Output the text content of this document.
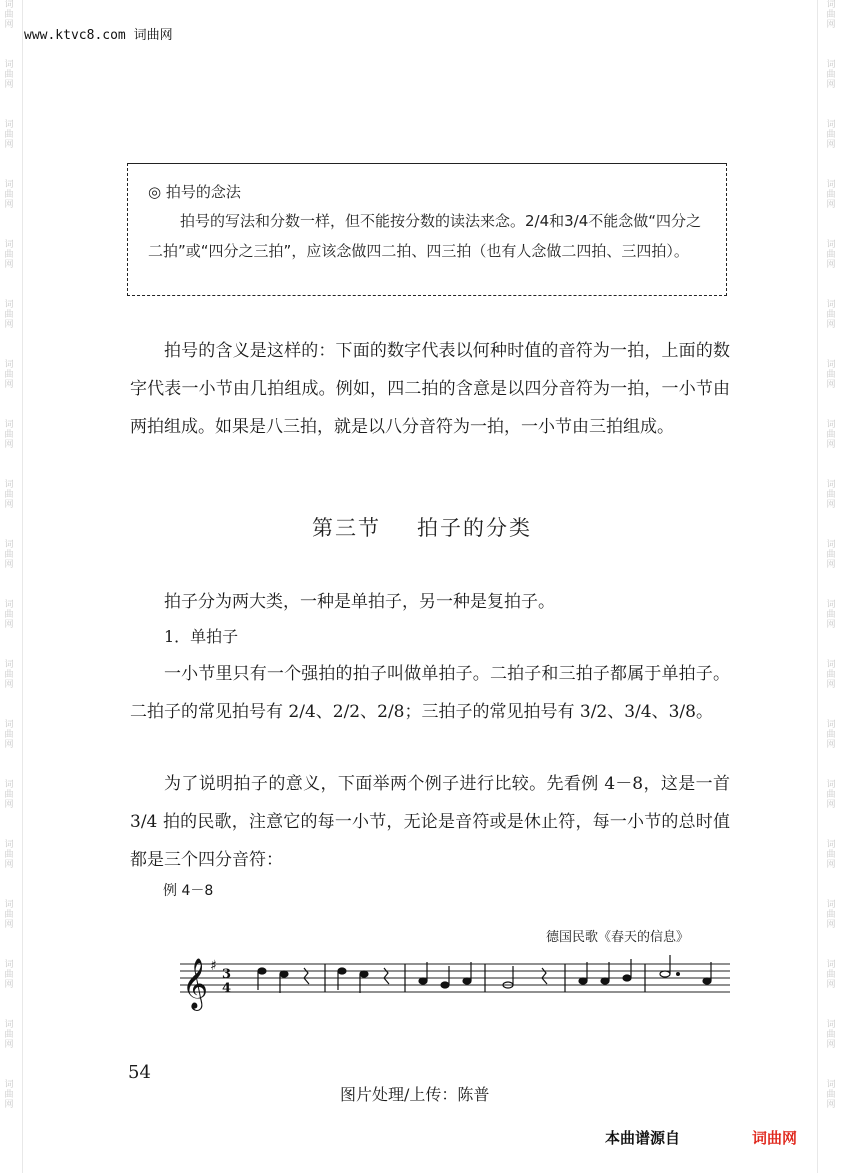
词
曲
网
词
曲
网
词
曲
网
词
曲
网
词
曲
网
词
曲
网
词
曲
网
词
曲
网
词
曲
网
词
曲
网
词
曲
网
词
曲
网
词
曲
网
词
曲
网
词
曲
网
词
曲
网
词
曲
网
词
曲
网
词
曲
网
词
曲
网
词
曲
网
词
曲
网
词
曲
网
词
曲
网
词
曲
网
词
曲
网
词
曲
网
词
曲
网
词
曲
网
词
曲
网
词
曲
网
词
曲
网
词
曲
网
词
曲
网
词
曲
网
词
曲
网
词
曲
网
词
曲
网
www.ktvc8.com 词曲网
◎ 拍号的念法

拍号的写法和分数一样，但不能按分数的读法来念。2/4和3/4不能念做“四分之二拍”或“四分之三拍”，应该念做四二拍、四三拍（也有人念做二四拍、三四拍）。

拍号的含义是这样的：下面的数字代表以何种时值的音符为一拍，上面的数字代表一小节由几拍组成。例如，四二拍的含意是以四分音符为一拍，一小节由两拍组成。如果是八三拍，就是以八分音符为一拍，一小节由三拍组成。

第三节 拍子的分类

拍子分为两大类，一种是单拍子，另一种是复拍子。

1．单拍子

一小节里只有一个强拍的拍子叫做单拍子。二拍子和三拍子都属于单拍子。二拍子的常见拍号有 2/4、2/2、2/8；三拍子的常见拍号有 3/2、3/4、3/8。

为了说明拍子的意义，下面举两个例子进行比较。先看例 4－8，这是一首 3/4 拍的民歌，注意它的每一小节，无论是音符或是休止符，每一小节的总时值都是三个四分音符：

例 4－8
德国民歌《春天的信息》
𝄞 ♯
3
4
54
图片处理/上传：陈普
本曲谱源自	词曲网
